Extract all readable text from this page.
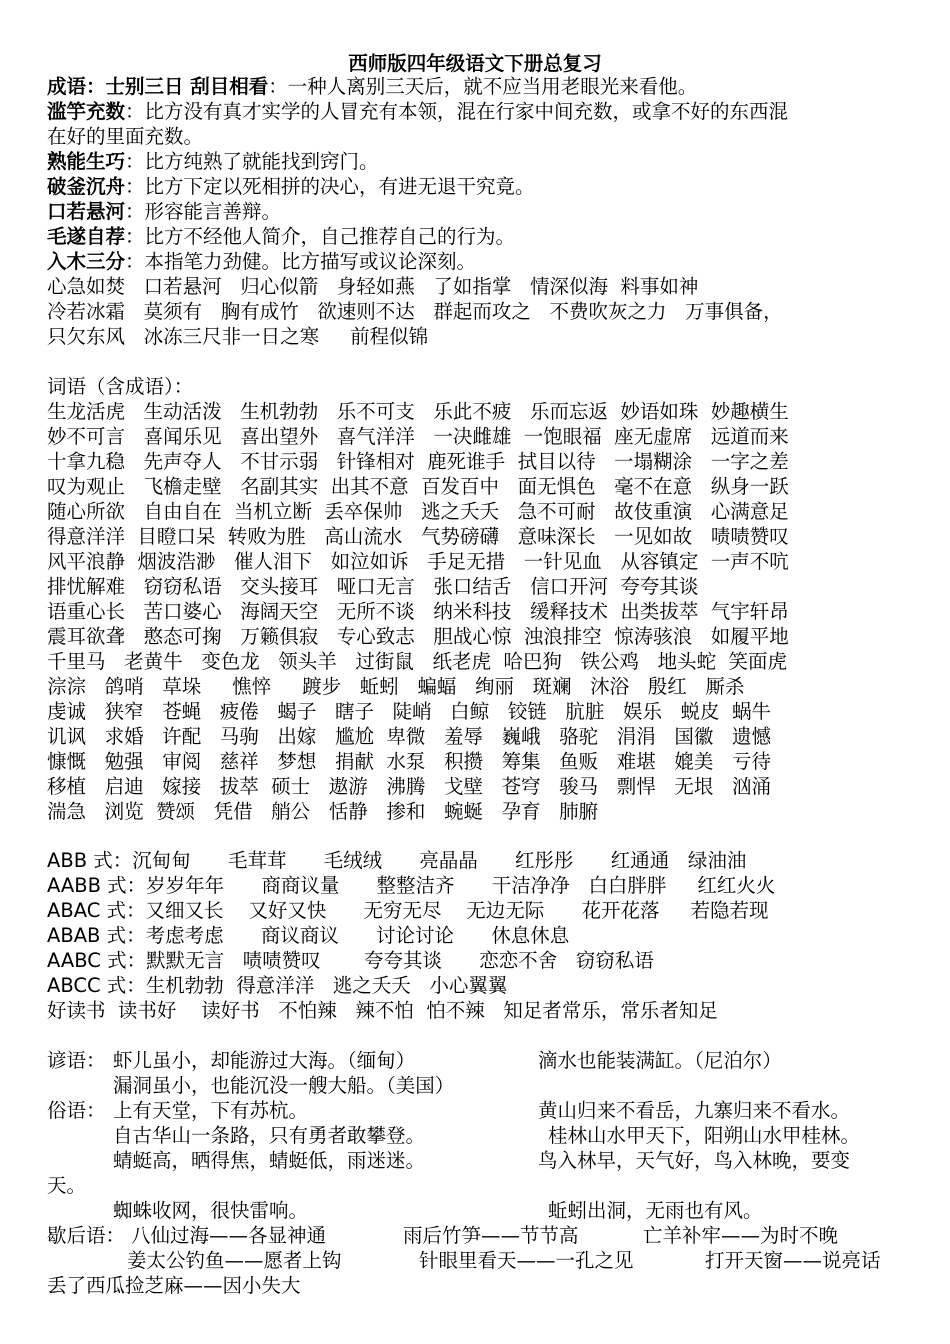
西师版四年级语文下册总复习
成语：士别三日 刮目相看：一种人离别三天后，就不应当用老眼光来看他。
滥竽充数：比方没有真才实学的人冒充有本领，混在行家中间充数，或拿不好的东西混
在好的里面充数。
熟能生巧：比方纯熟了就能找到窍门。
破釜沉舟：比方下定以死相拼的决心，有进无退干究竟。
口若悬河：形容能言善辩。
毛遂自荐：比方不经他人简介，自己推荐自己的行为。
入木三分：本指笔力劲健。比方描写或议论深刻。
心急如焚   口若悬河   归心似箭   身轻如燕   了如指掌   情深似海  料事如神
冷若冰霜   莫须有   胸有成竹   欲速则不达   群起而攻之   不费吹灰之力   万事俱备，
只欠东风   冰冻三尺非一日之寒     前程似锦
词语（含成语）：
生龙活虎   生动活泼   生机勃勃   乐不可支   乐此不疲   乐而忘返  妙语如珠  妙趣横生
妙不可言   喜闻乐见   喜出望外   喜气洋洋   一决雌雄  一饱眼福  座无虚席   远道而来
十拿九稳   先声夺人   不甘示弱   针锋相对  鹿死谁手  拭目以待   一塌糊涂   一字之差
叹为观止   飞檐走壁   名副其实  出其不意  百发百中   面无惧色   毫不在意   纵身一跃
随心所欲   自由自在  当机立断  丢卒保帅   逃之夭夭   急不可耐   故伎重演   心满意足
得意洋洋  目瞪口呆  转败为胜   高山流水   气势磅礴   意味深长   一见如故   啧啧赞叹
风平浪静  烟波浩渺   催人泪下   如泣如诉   手足无措   一针见血   从容镇定  一声不吭
排忧解难   窃窃私语   交头接耳   哑口无言   张口结舌   信口开河  夸夸其谈
语重心长   苦口婆心   海阔天空   无所不谈   纳米科技   缓释技术  出类拔萃  气宇轩昂
震耳欲聋   憨态可掬   万籁俱寂   专心致志   胆战心惊  浊浪排空  惊涛骇浪   如履平地
千里马   老黄牛   变色龙   领头羊   过街鼠   纸老虎  哈巴狗   铁公鸡   地头蛇  笑面虎
淙淙   鸽哨   草垛     憔悴     踱步   蚯蚓   蝙蝠   绚丽   斑斓   沐浴   殷红   厮杀
虔诚   狭窄   苍蝇   疲倦   蝎子   瞎子   陡峭   白鲸   铰链   肮脏   娱乐   蜕皮  蜗牛
讥讽   求婚   许配   马驹   出嫁   尴尬  卑微   羞辱   巍峨   骆驼   涓涓   国徽   遗憾
慷慨   勉强   审阅   慈祥   梦想   捐献  水泵   积攒   筹集   鱼贩   难堪   媲美   亏待
移植   启迪   嫁接   拔萃  硕士   遨游   沸腾   戈壁   苍穹   骏马   剽悍   无垠   汹涌
湍急   浏览  赞颂   凭借   艄公   恬静   掺和   蜿蜒   孕育   肺腑
ABB 式：沉甸甸      毛茸茸      毛绒绒      亮晶晶      红彤彤      红通通   绿油油
AABB 式：岁岁年年      商商议量      整整洁齐      干洁净净   白白胖胖     红红火火
ABAC 式：又细又长    又好又快      无穷无尽    无边无际      花开花落     若隐若现
ABAB 式：考虑考虑      商议商议      讨论讨论      休息休息
AABC 式：默默无言   啧啧赞叹       夸夸其谈      恋恋不舍   窃窃私语
ABCC 式：生机勃勃  得意洋洋   逃之夭夭   小心翼翼
好读书  读书好    读好书   不怕辣   辣不怕  怕不辣   知足者常乐，常乐者知足
谚语： 虾儿虽小，却能游过大海。（缅甸）	滴水也能装满缸。（尼泊尔）
漏洞虽小，也能沉没一艘大船。（美国）
俗语： 上有天堂，下有苏杭。	黄山归来不看岳，九寨归来不看水。
自古华山一条路，只有勇者敢攀登。	桂林山水甲天下，阳朔山水甲桂林。
蜻蜓高，晒得焦，蜻蜓低，雨迷迷。	鸟入林早，天气好，鸟入林晚，要变
天。
蜘蛛收网，很快雷响。	蚯蚓出洞，无雨也有风。
歇后语： 八仙过海——各显神通	雨后竹笋——节节高	亡羊补牢——为时不晚
姜太公钓鱼——愿者上钩	针眼里看天——一孔之见	打开天窗——说亮话
丢了西瓜捡芝麻——因小失大
